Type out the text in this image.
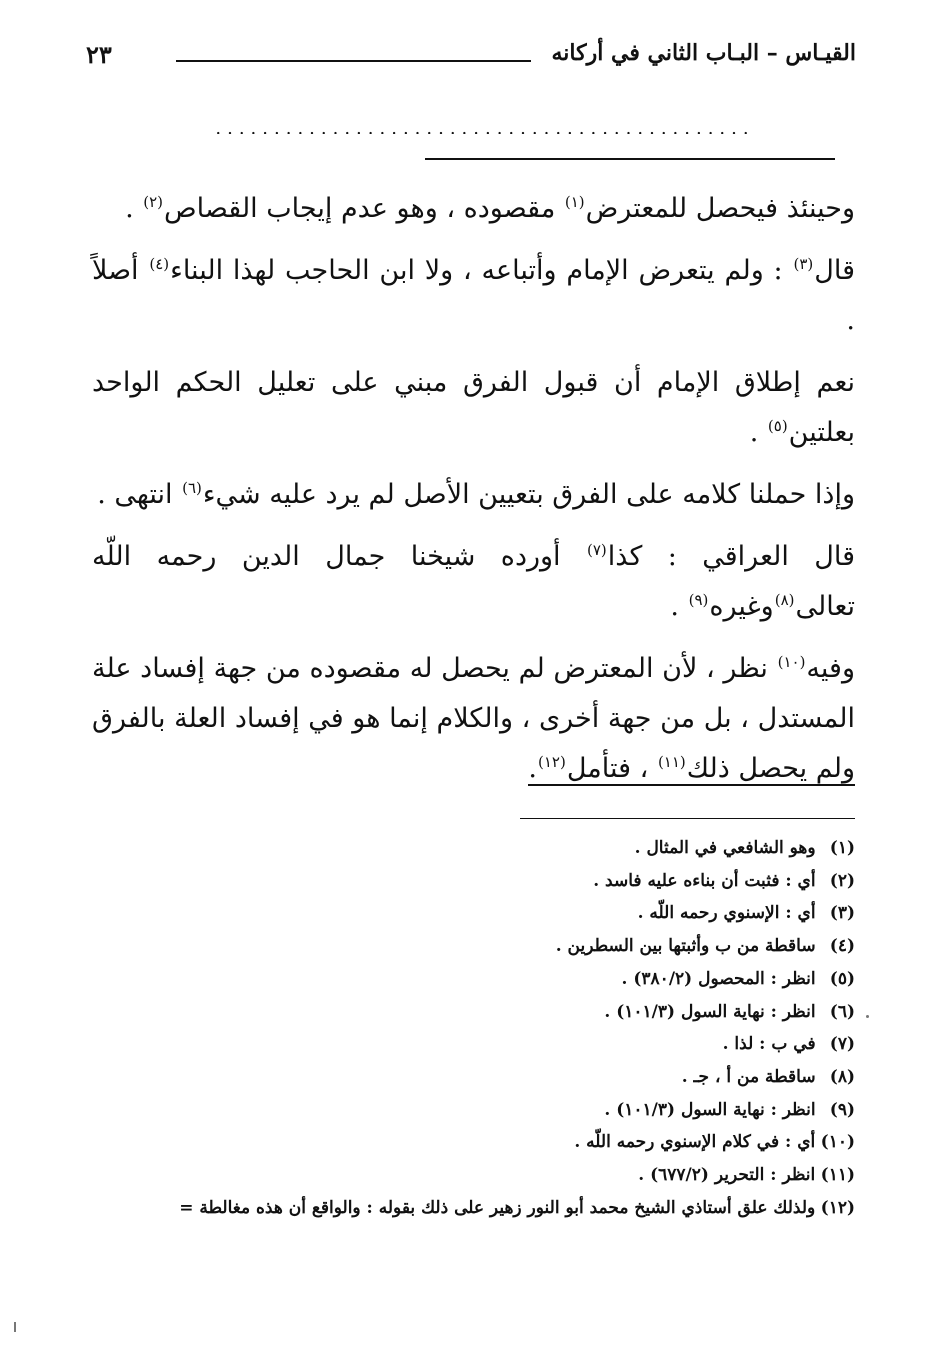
القيـاس – البـاب الثاني في أركانه
٢٣
..............................................
وحينئذ فيحصل للمعترض$^{(١)}$ مقصوده ، وهو عدم إيجاب القصاص$^{(٢)}$ .
قال$^{(٣)}$ : ولم يتعرض الإمام وأتباعه ، ولا ابن الحاجب لهذا البناء$^{(٤)}$ أصلاً .
نعم إطلاق الإمام أن قبول الفرق مبني على تعليل الحكم الواحد بعلتين$^{(٥)}$ .
وإذا حملنا كلامه على الفرق بتعيين الأصل لم يرد عليه شيء$^{(٦)}$ انتهى .
قال العراقي : كذا$^{(٧)}$ أورده شيخنا جمال الدين رحمه اللّه تعالى$^{(٨)}$وغيره$^{(٩)}$ .
وفيه$^{(١٠)}$ نظر ، لأن المعترض لم يحصل له مقصوده من جهة إفساد علة المستدل ، بل من جهة أخرى ، والكلام إنما هو في إفساد العلة بالفرق ولم يحصل ذلك$^{(١١)}$ ، فتأمل$^{(١٢)}$.
(١) وهو الشافعي في المثال .
(٢) أي : فثبت أن بناءه عليه فاسد .
(٣) أي : الإسنوي رحمه اللّه .
(٤) ساقطة من ب وأثبتها بين السطرين .
(٥) انظر : المحصول (٣٨٠/٢) .
(٦) انظر : نهاية السول (١٠١/٣) .
(٧) في ب : لذا .
(٨) ساقطة من أ ، جـ .
(٩) انظر : نهاية السول (١٠١/٣) .
(١٠) أي : في كلام الإسنوي رحمه اللّه .
(١١) انظر : التحرير (٦٧٧/٢) .
(١٢) ولذلك علق أستاذي الشيخ محمد أبو النور زهير على ذلك بقوله : والواقع أن هذه مغالطة =
